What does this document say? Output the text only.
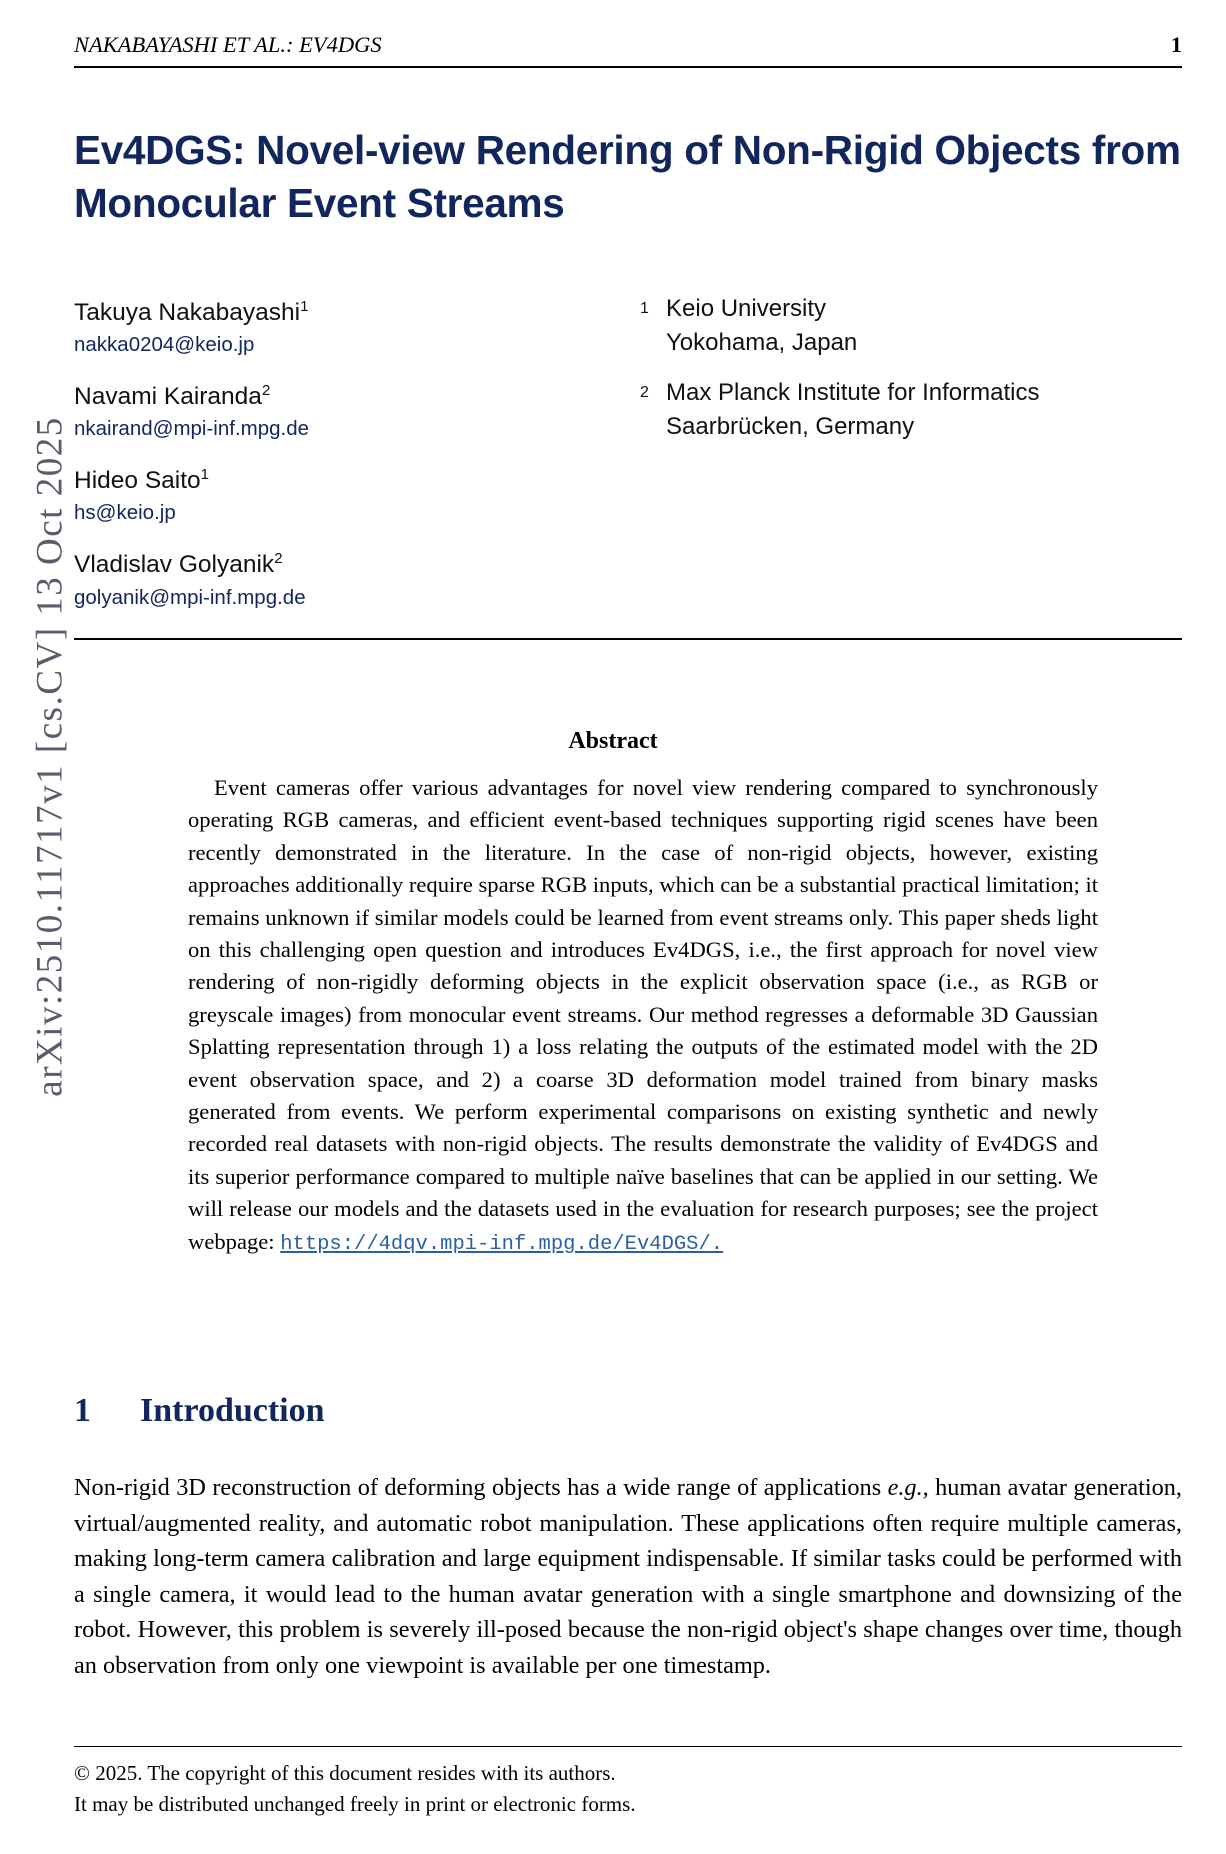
arXiv:2510.11717v1 [cs.CV] 13 Oct 2025
NAKABAYASHI ET AL.: EV4DGS	1
Ev4DGS: Novel-view Rendering of Non-Rigid Objects from Monocular Event Streams
Takuya Nakabayashi$^1$
nakka0204@keio.jp
Navami Kairanda$^2$
nkairand@mpi-inf.mpg.de
Hideo Saito$^1$
hs@keio.jp
Vladislav Golyanik$^2$
golyanik@mpi-inf.mpg.de
1 Keio University
Yokohama, Japan
2 Max Planck Institute for Informatics
Saarbrücken, Germany
Abstract
Event cameras offer various advantages for novel view rendering compared to synchronously operating RGB cameras, and efficient event-based techniques supporting rigid scenes have been recently demonstrated in the literature. In the case of non-rigid objects, however, existing approaches additionally require sparse RGB inputs, which can be a substantial practical limitation; it remains unknown if similar models could be learned from event streams only. This paper sheds light on this challenging open question and introduces Ev4DGS, i.e., the first approach for novel view rendering of non-rigidly deforming objects in the explicit observation space (i.e., as RGB or greyscale images) from monocular event streams. Our method regresses a deformable 3D Gaussian Splatting representation through 1) a loss relating the outputs of the estimated model with the 2D event observation space, and 2) a coarse 3D deformation model trained from binary masks generated from events. We perform experimental comparisons on existing synthetic and newly recorded real datasets with non-rigid objects. The results demonstrate the validity of Ev4DGS and its superior performance compared to multiple naïve baselines that can be applied in our setting. We will release our models and the datasets used in the evaluation for research purposes; see the project webpage: https://4dqv.mpi-inf.mpg.de/Ev4DGS/.
1 Introduction
Non-rigid 3D reconstruction of deforming objects has a wide range of applications e.g., human avatar generation, virtual/augmented reality, and automatic robot manipulation. These applications often require multiple cameras, making long-term camera calibration and large equipment indispensable. If similar tasks could be performed with a single camera, it would lead to the human avatar generation with a single smartphone and downsizing of the robot. However, this problem is severely ill-posed because the non-rigid object's shape changes over time, though an observation from only one viewpoint is available per one timestamp.
© 2025. The copyright of this document resides with its authors.
It may be distributed unchanged freely in print or electronic forms.
